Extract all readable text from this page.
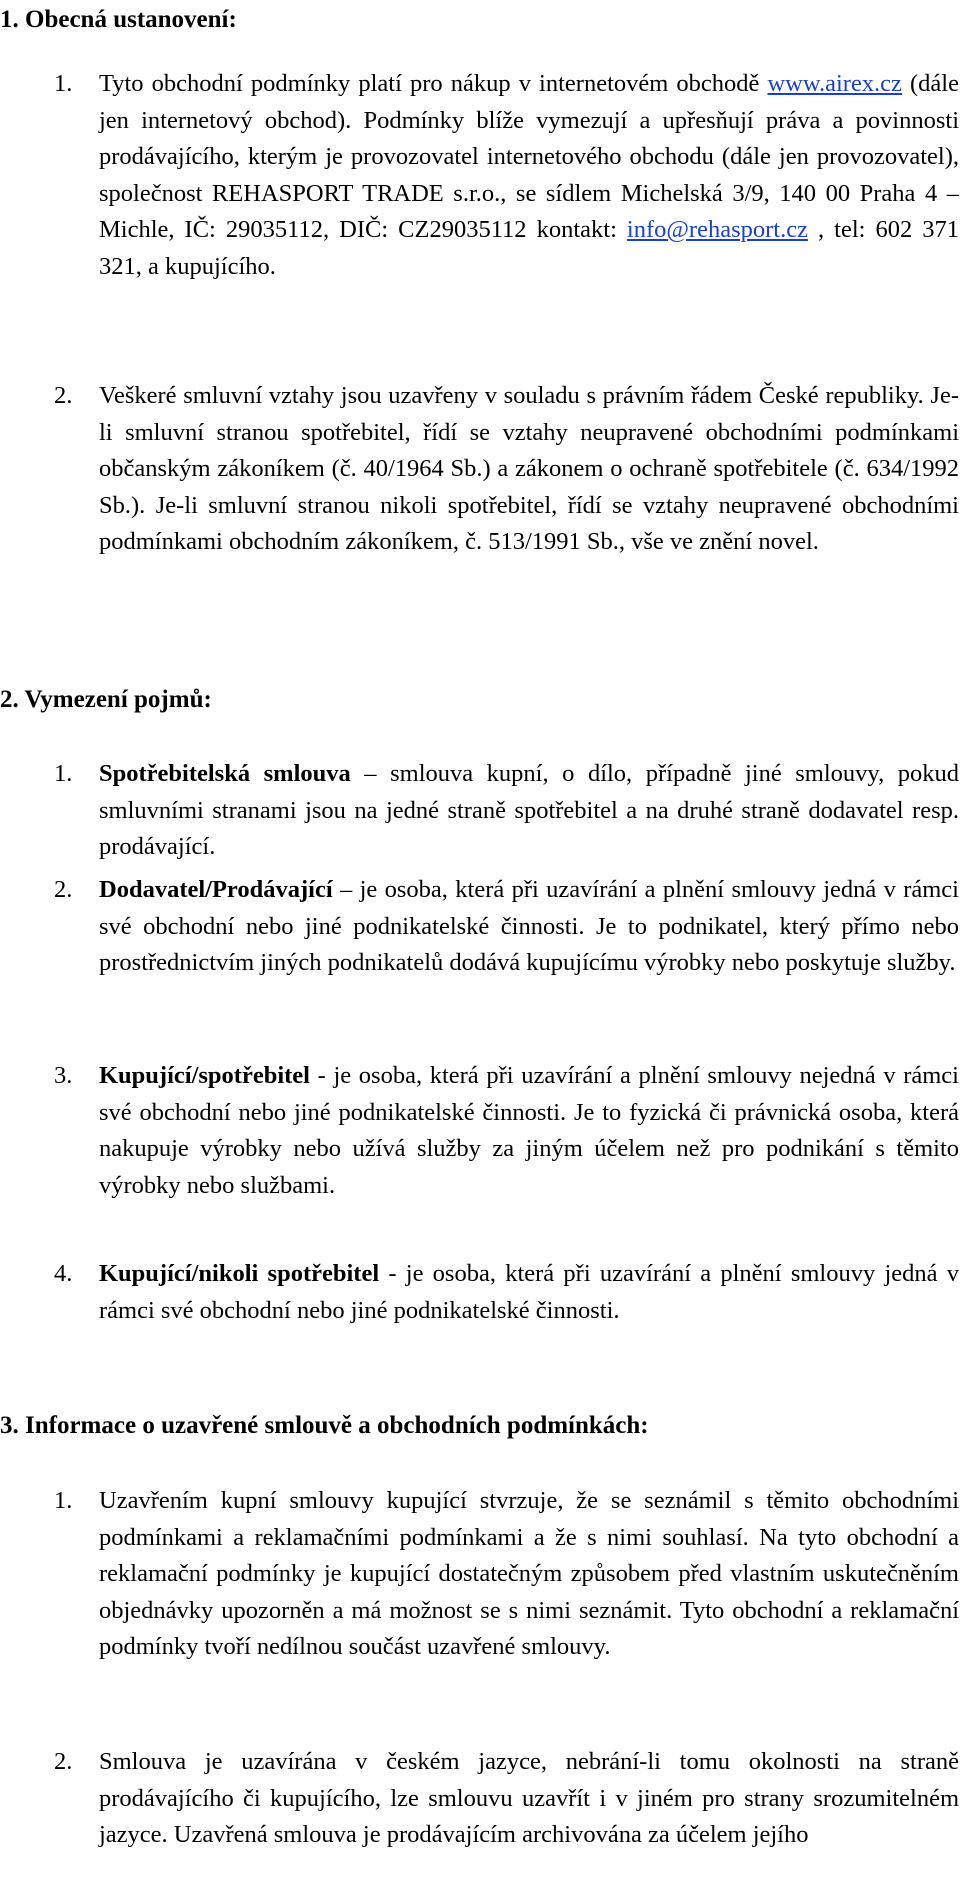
1. Obecná ustanovení:
1. Tyto obchodní podmínky platí pro nákup v internetovém obchodě www.airex.cz (dále jen internetový obchod). Podmínky blíže vymezují a upřesňují práva a povinnosti prodávajícího, kterým je provozovatel internetového obchodu (dále jen provozovatel), společnost REHASPORT TRADE s.r.o., se sídlem Michelská 3/9, 140 00 Praha 4 – Michle, IČ: 29035112, DIČ: CZ29035112 kontakt: info@rehasport.cz , tel: 602 371 321, a kupujícího.
2. Veškeré smluvní vztahy jsou uzavřeny v souladu s právním řádem České republiky. Je-li smluvní stranou spotřebitel, řídí se vztahy neupravené obchodními podmínkami občanským zákoníkem (č. 40/1964 Sb.) a zákonem o ochraně spotřebitele (č. 634/1992 Sb.). Je-li smluvní stranou nikoli spotřebitel, řídí se vztahy neupravené obchodními podmínkami obchodním zákoníkem, č. 513/1991 Sb., vše ve znění novel.
2. Vymezení pojmů:
1. Spotřebitelská smlouva – smlouva kupní, o dílo, případně jiné smlouvy, pokud smluvními stranami jsou na jedné straně spotřebitel a na druhé straně dodavatel resp. prodávající.
2. Dodavatel/Prodávající – je osoba, která při uzavírání a plnění smlouvy jedná v rámci své obchodní nebo jiné podnikatelské činnosti. Je to podnikatel, který přímo nebo prostřednictvím jiných podnikatelů dodává kupujícímu výrobky nebo poskytuje služby.
3. Kupující/spotřebitel - je osoba, která při uzavírání a plnění smlouvy nejedná v rámci své obchodní nebo jiné podnikatelské činnosti. Je to fyzická či právnická osoba, která nakupuje výrobky nebo užívá služby za jiným účelem než pro podnikání s těmito výrobky nebo službami.
4. Kupující/nikoli spotřebitel - je osoba, která při uzavírání a plnění smlouvy jedná v rámci své obchodní nebo jiné podnikatelské činnosti.
3. Informace o uzavřené smlouvě a obchodních podmínkách:
1. Uzavřením kupní smlouvy kupující stvrzuje, že se seznámil s těmito obchodními podmínkami a reklamačními podmínkami a že s nimi souhlasí. Na tyto obchodní a reklamační podmínky je kupující dostatečným způsobem před vlastním uskutečněním objednávky upozorněn a má možnost se s nimi seznámit. Tyto obchodní a reklamační podmínky tvoří nedílnou součást uzavřené smlouvy.
2. Smlouva je uzavírána v českém jazyce, nebrání-li tomu okolnosti na straně prodávajícího či kupujícího, lze smlouvu uzavřít i v jiném pro strany srozumitelném jazyce. Uzavřená smlouva je prodávajícím archivována za účelem jejího
